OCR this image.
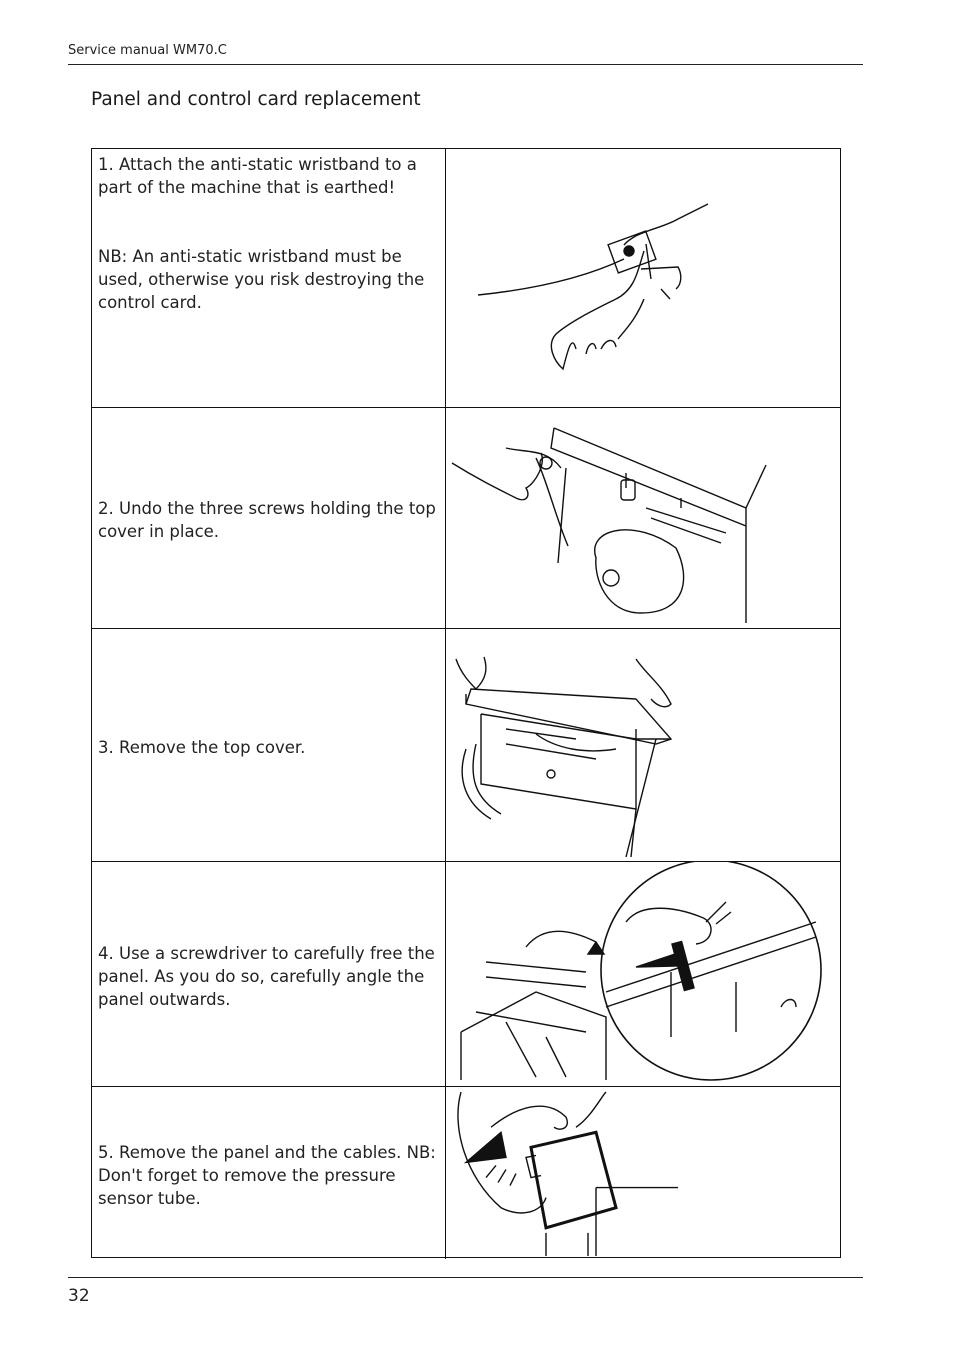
Service manual WM70.C
Panel and control card replacement

1. Attach the anti-static wristband to a part of the machine that is earthed!

NB: An anti-static wristband must be used, otherwise you risk destroying the control card.

2. Undo the three screws holding the top cover in place.

3. Remove the top cover.

4. Use a screwdriver to carefully free the panel. As you do so, carefully angle the panel outwards.

5. Remove the panel and the cables. NB: Don't forget to remove the pressure sensor tube.

32
